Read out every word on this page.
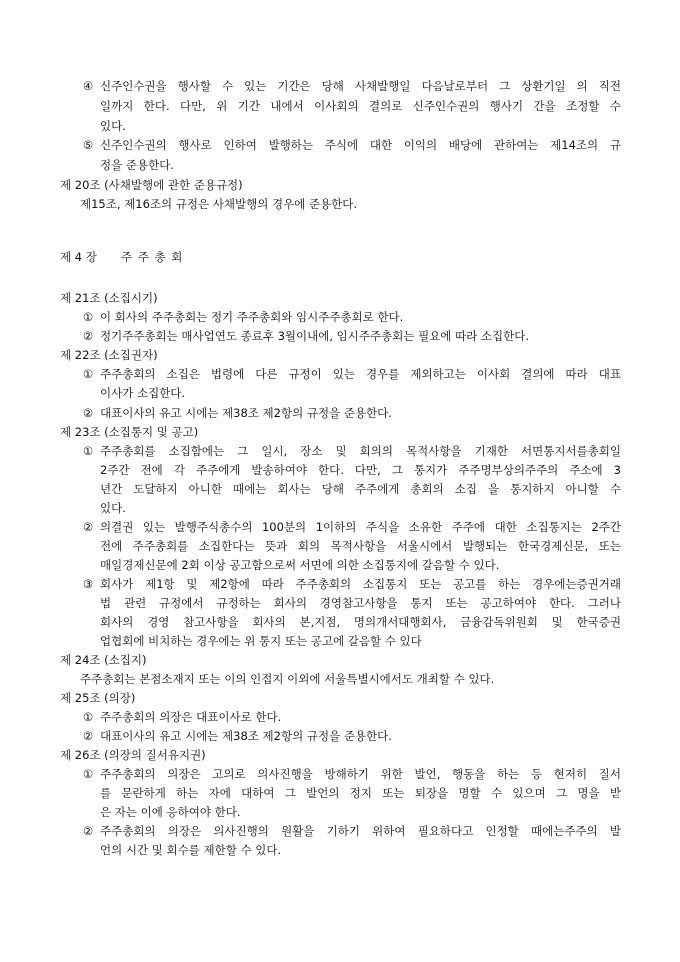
④ 신주인수권을 행사할 수 있는 기간은 당해 사채발행일 다음날로부터 그 상환기일 의 직전
일까지 한다. 다만, 위 기간 내에서 이사회의 결의로 신주인수권의 행사기 간을 조정할 수
있다.
⑤ 신주인수권의 행사로 인하여 발행하는 주식에 대한 이익의 배당에 관하여는 제14조의 규
정을 준용한다.
제 20조 (사채발행에 관한 준용규정)
제15조, 제16조의 규정은 사채발행의 경우에 준용한다.
제 4 장 주 주 총 회
제 21조 (소집시기)
① 이 회사의 주주총회는 정기 주주총회와 임시주주총회로 한다.
② 정기주주총회는 매사업연도 종료후 3월이내에, 임시주주총회는 필요에 따라 소집한다.
제 22조 (소집권자)
① 주주총회의 소집은 법령에 다른 규정이 있는 경우를 제외하고는 이사회 결의에 따라 대표
이사가 소집한다.
② 대표이사의 유고 시에는 제38조 제2항의 규정을 준용한다.
제 23조 (소집통지 및 공고)
① 주주총회를 소집함에는 그 일시, 장소 및 회의의 목적사항을 기재한 서면통지서를총회일
2주간 전에 각 주주에게 발송하여야 한다. 다만, 그 통지가 주주명부상의주주의 주소에 3
년간 도달하지 아니한 때에는 회사는 당해 주주에게 총회의 소집 을 통지하지 아니할 수
있다.
② 의결권 있는 발행주식총수의 100분의 1이하의 주식을 소유한 주주에 대한 소집통지는 2주간
전에 주주총회를 소집한다는 뜻과 회의 목적사항을 서울시에서 발행되는 한국경제신문, 또는
매일경제신문에 2회 이상 공고함으로써 서면에 의한 소집통지에 갈음할 수 있다.
③ 회사가 제1항 및 제2항에 따라 주주총회의 소집통지 또는 공고를 하는 경우에는증권거래
법 관련 규정에서 규정하는 회사의 경영참고사항을 통지 또는 공고하여야 한다. 그러나
회사의 경영 참고사항을 회사의 본,지점, 명의개서대행회사, 금융감독위원회 및 한국증권
업협회에 비치하는 경우에는 위 통지 또는 공고에 갈음할 수 있다
제 24조 (소집지)
주주총회는 본점소재지 또는 이의 인접지 이외에 서울특별시에서도 개최할 수 있다.
제 25조 (의장)
① 주주총회의 의장은 대표이사로 한다.
② 대표이사의 유고 시에는 제38조 제2항의 규정을 준용한다.
제 26조 (의장의 질서유지권)
① 주주총회의 의장은 고의로 의사진행을 방해하기 위한 발언, 행동을 하는 등 현저히 질서
를 문란하게 하는 자에 대하여 그 발언의 정지 또는 퇴장을 명할 수 있으며 그 명을 받
은 자는 이에 응하여야 한다.
② 주주총회의 의장은 의사진행의 원활을 기하기 위하여 필요하다고 인정할 때에는주주의 발
언의 시간 및 회수를 제한할 수 있다.
